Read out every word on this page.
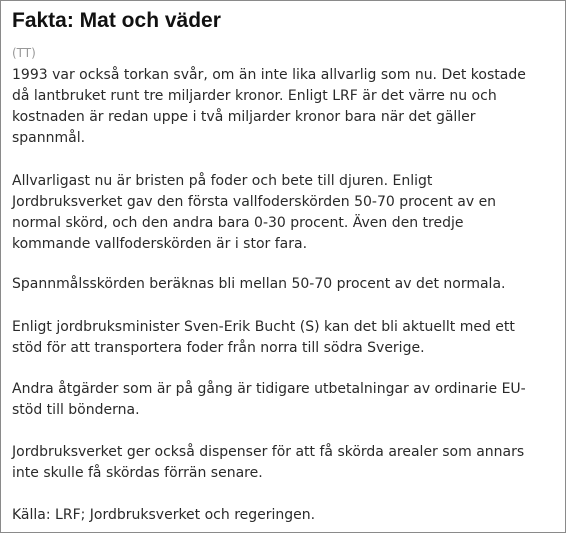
Fakta: Mat och väder

(TT)

1993 var också torkan svår, om än inte lika allvarlig som nu. Det kostade
då lantbruket runt tre miljarder kronor. Enligt LRF är det värre nu och
kostnaden är redan uppe i två miljarder kronor bara när det gäller
spannmål.

Allvarligast nu är bristen på foder och bete till djuren. Enligt
Jordbruksverket gav den första vallfoderskörden 50-70 procent av en
normal skörd, och den andra bara 0-30 procent. Även den tredje
kommande vallfoderskörden är i stor fara.

Spannmålsskörden beräknas bli mellan 50-70 procent av det normala.

Enligt jordbruksminister Sven-Erik Bucht (S) kan det bli aktuellt med ett
stöd för att transportera foder från norra till södra Sverige.

Andra åtgärder som är på gång är tidigare utbetalningar av ordinarie EU-
stöd till bönderna.

Jordbruksverket ger också dispenser för att få skörda arealer som annars
inte skulle få skördas förrän senare.

Källa: LRF; Jordbruksverket och regeringen.
